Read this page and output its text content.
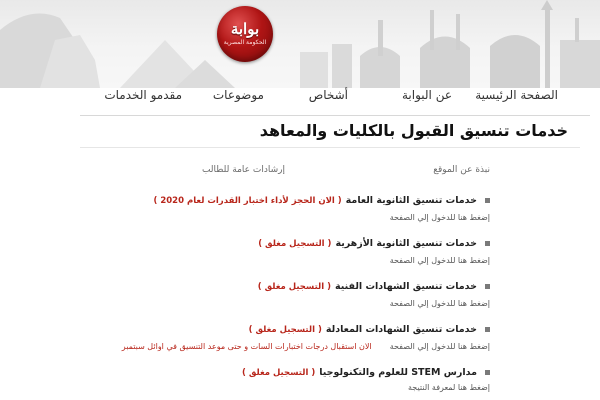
بوابة
الحكومة المصرية
الصفحة الرئيسية
عن البوابة
أشخاص
موضوعات
مقدمو الخدمات
خدمات تنسيق القبول بالكليات والمعاهد
نبذة عن الموقع
إرشادات عامة للطالب
خدمات تنسيق الثانوية العامة
( الان الحجز لأداء اختبار القدرات لعام 2020 )
إضغط هنا للدخول إلي الصفحة
خدمات تنسيق الثانوية الأزهرية
( التسجيل مغلق )
إضغط هنا للدخول إلي الصفحة
خدمات تنسيق الشهادات الفنية
( التسجيل مغلق )
إضغط هنا للدخول إلي الصفحة
خدمات تنسيق الشهادات المعادلة
( التسجيل مغلق )
إضغط هنا للدخول إلي الصفحة
الان استقبال درجات اختبارات السات و حتى موعد التنسيق في اوائل سبتمبر
مدارس STEM للعلوم والتكنولوجيا
( التسجيل مغلق )
إضغط هنا لمعرفة النتيجة
